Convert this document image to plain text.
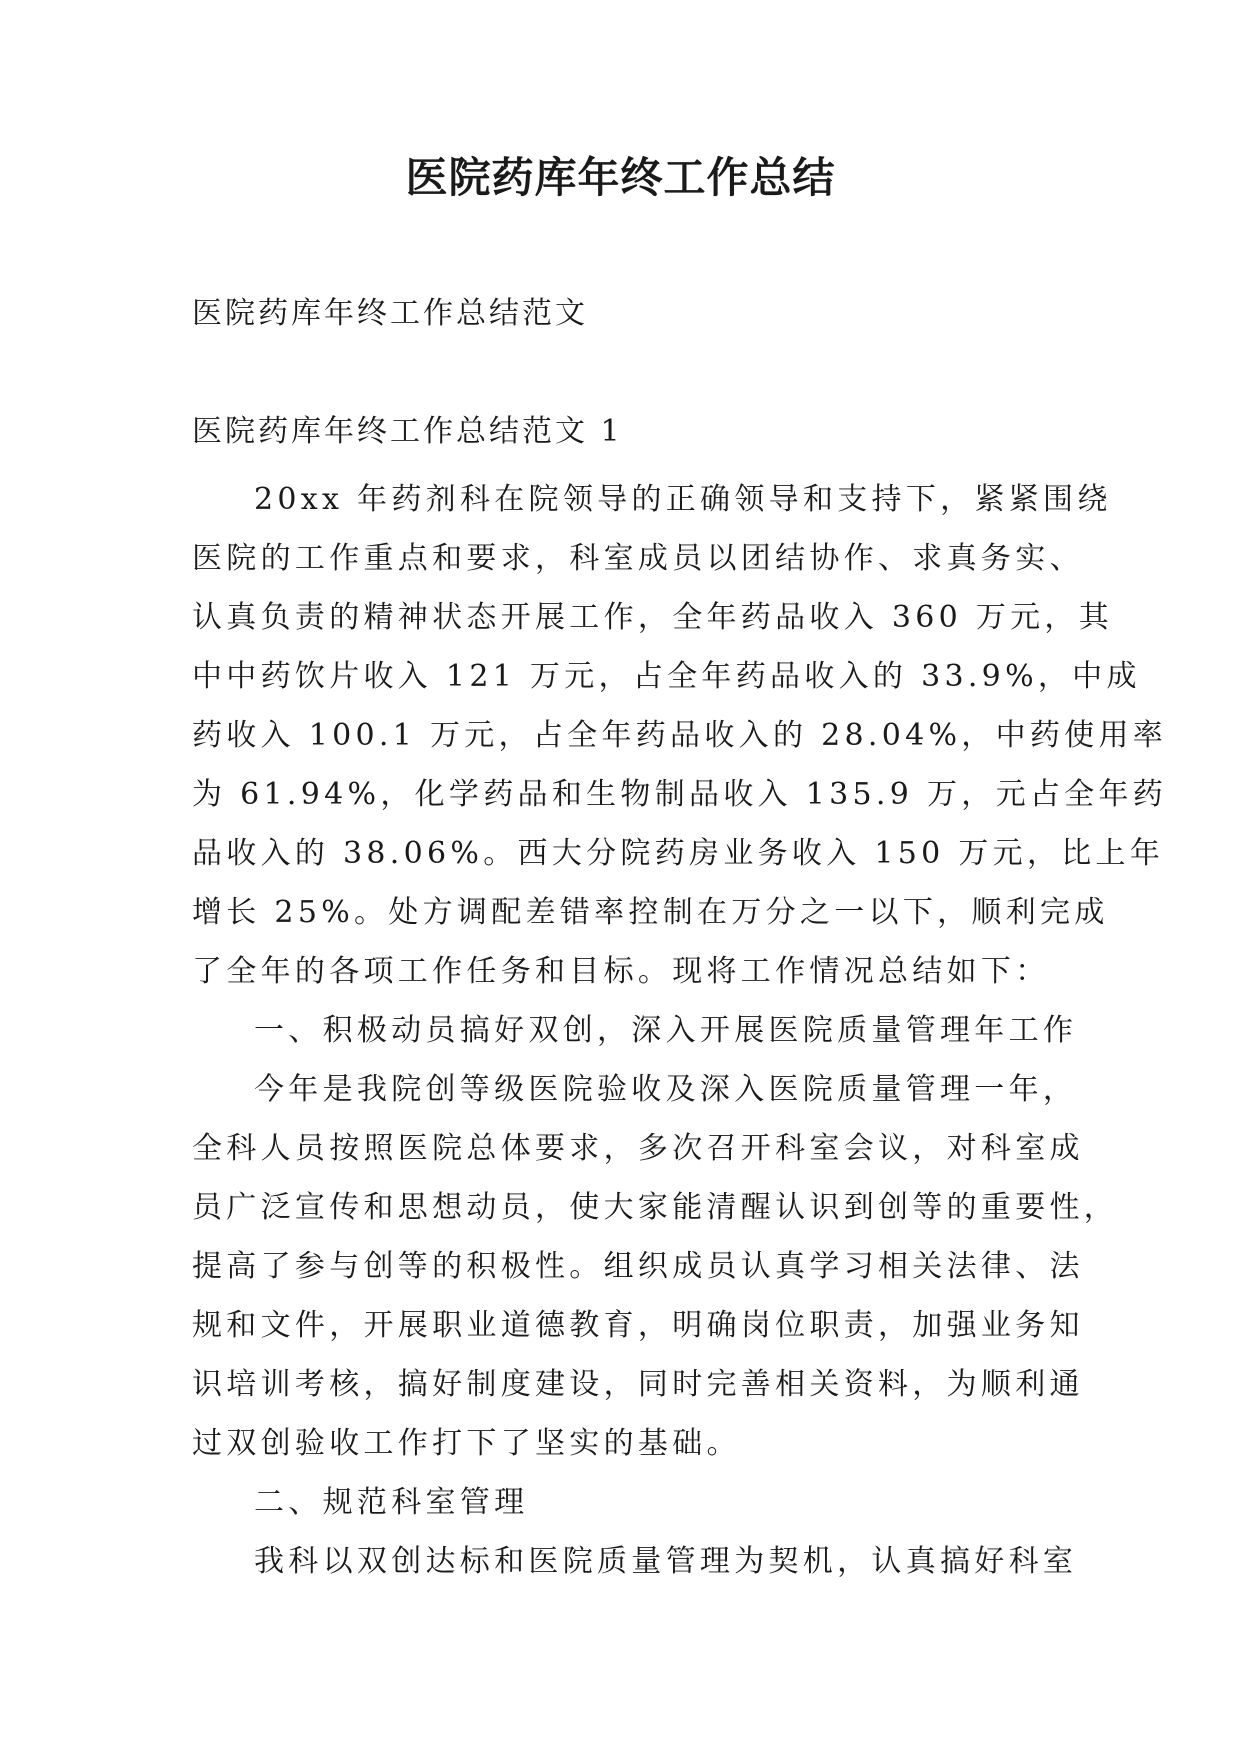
医院药库年终工作总结
医院药库年终工作总结范文
医院药库年终工作总结范文 1
20xx 年药剂科在院领导的正确领导和支持下，紧紧围绕
医院的工作重点和要求，科室成员以团结协作、求真务实、
认真负责的精神状态开展工作，全年药品收入 360 万元，其
中中药饮片收入 121 万元，占全年药品收入的 33.9%，中成
药收入 100.1 万元，占全年药品收入的 28.04%，中药使用率
为 61.94%，化学药品和生物制品收入 135.9 万，元占全年药
品收入的 38.06%。西大分院药房业务收入 150 万元，比上年
增长 25%。处方调配差错率控制在万分之一以下，顺利完成
了全年的各项工作任务和目标。现将工作情况总结如下：
一、积极动员搞好双创，深入开展医院质量管理年工作
今年是我院创等级医院验收及深入医院质量管理一年，
全科人员按照医院总体要求，多次召开科室会议，对科室成
员广泛宣传和思想动员，使大家能清醒认识到创等的重要性，
提高了参与创等的积极性。组织成员认真学习相关法律、法
规和文件，开展职业道德教育，明确岗位职责，加强业务知
识培训考核，搞好制度建设，同时完善相关资料，为顺利通
过双创验收工作打下了坚实的基础。
二、规范科室管理
我科以双创达标和医院质量管理为契机，认真搞好科室
